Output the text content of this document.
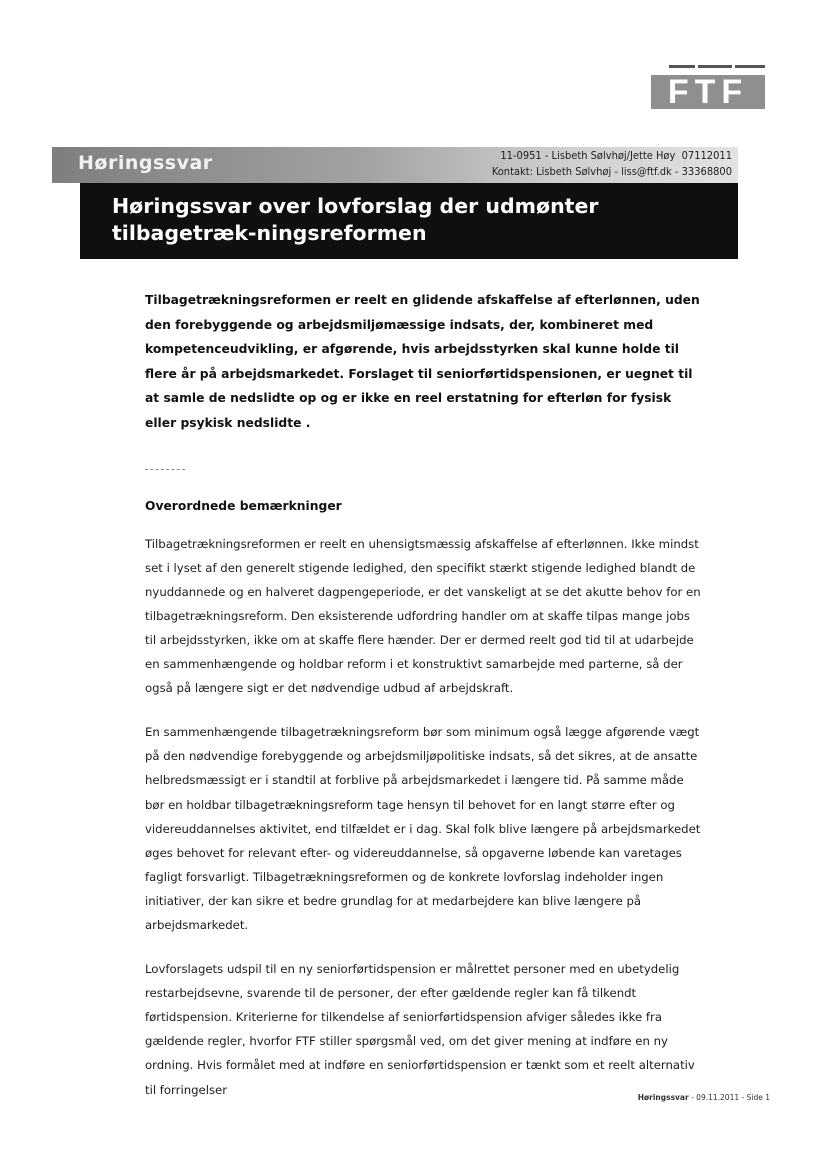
FTF
Høringssvar	11-0951 - Lisbeth Sølvhøj/Jette Høy  07112011
Kontakt: Lisbeth Sølvhøj - liss@ftf.dk - 33368800
Høringssvar over lovforslag der udmønter tilbagetræk-ningsreformen

Tilbagetrækningsreformen er reelt en glidende afskaffelse af efterlønnen, uden den forebyggende og arbejdsmiljømæssige indsats, der, kombineret med kompetenceudvikling, er afgørende, hvis arbejdsstyrken skal kunne holde til flere år på arbejdsmarkedet. Forslaget til seniorførtidspensionen, er uegnet til at samle de nedslidte op og er ikke en reel erstatning for efterløn for fysisk eller psykisk nedslidte .

Overordnede bemærkninger

Tilbagetrækningsreformen er reelt en uhensigtsmæssig afskaffelse af efterlønnen. Ikke mindst set i lyset af den generelt stigende ledighed, den specifikt stærkt stigende ledighed blandt de nyuddannede og en halveret dagpengeperiode, er det vanskeligt at se det akutte behov for en tilbagetrækningsreform. Den eksisterende udfordring handler om at skaffe tilpas mange jobs til arbejdsstyrken, ikke om at skaffe flere hænder. Der er dermed reelt god tid til at udarbejde en sammenhængende og holdbar reform i et konstruktivt samarbejde med parterne, så der også på længere sigt er det nødvendige udbud af arbejdskraft.

En sammenhængende tilbagetrækningsreform bør som minimum også lægge afgørende vægt på den nødvendige forebyggende og arbejdsmiljøpolitiske indsats, så det sikres, at de ansatte helbredsmæssigt er i standtil at forblive på arbejdsmarkedet i længere tid. På samme måde bør en holdbar tilbagetrækningsreform tage hensyn til behovet for en langt større efter og videreuddannelses aktivitet, end tilfældet er i dag. Skal folk blive længere på arbejdsmarkedet øges behovet for relevant efter- og videreuddannelse, så opgaverne løbende kan varetages fagligt forsvarligt. Tilbagetrækningsreformen og de konkrete lovforslag indeholder ingen initiativer, der kan sikre et bedre grundlag for at medarbejdere kan blive længere på arbejdsmarkedet.

Lovforslagets udspil til en ny seniorførtidspension er målrettet personer med en ubetydelig restarbejdsevne, svarende til de personer, der efter gældende regler kan få tilkendt førtidspension. Kriterierne for tilkendelse af seniorførtidspension afviger således ikke fra gældende regler, hvorfor FTF stiller spørgsmål ved, om det giver mening at indføre en ny ordning. Hvis formålet med at indføre en seniorførtidspension er tænkt som et reelt alternativ til forringelser

Høringssvar - 09.11.2011 - Side 1
